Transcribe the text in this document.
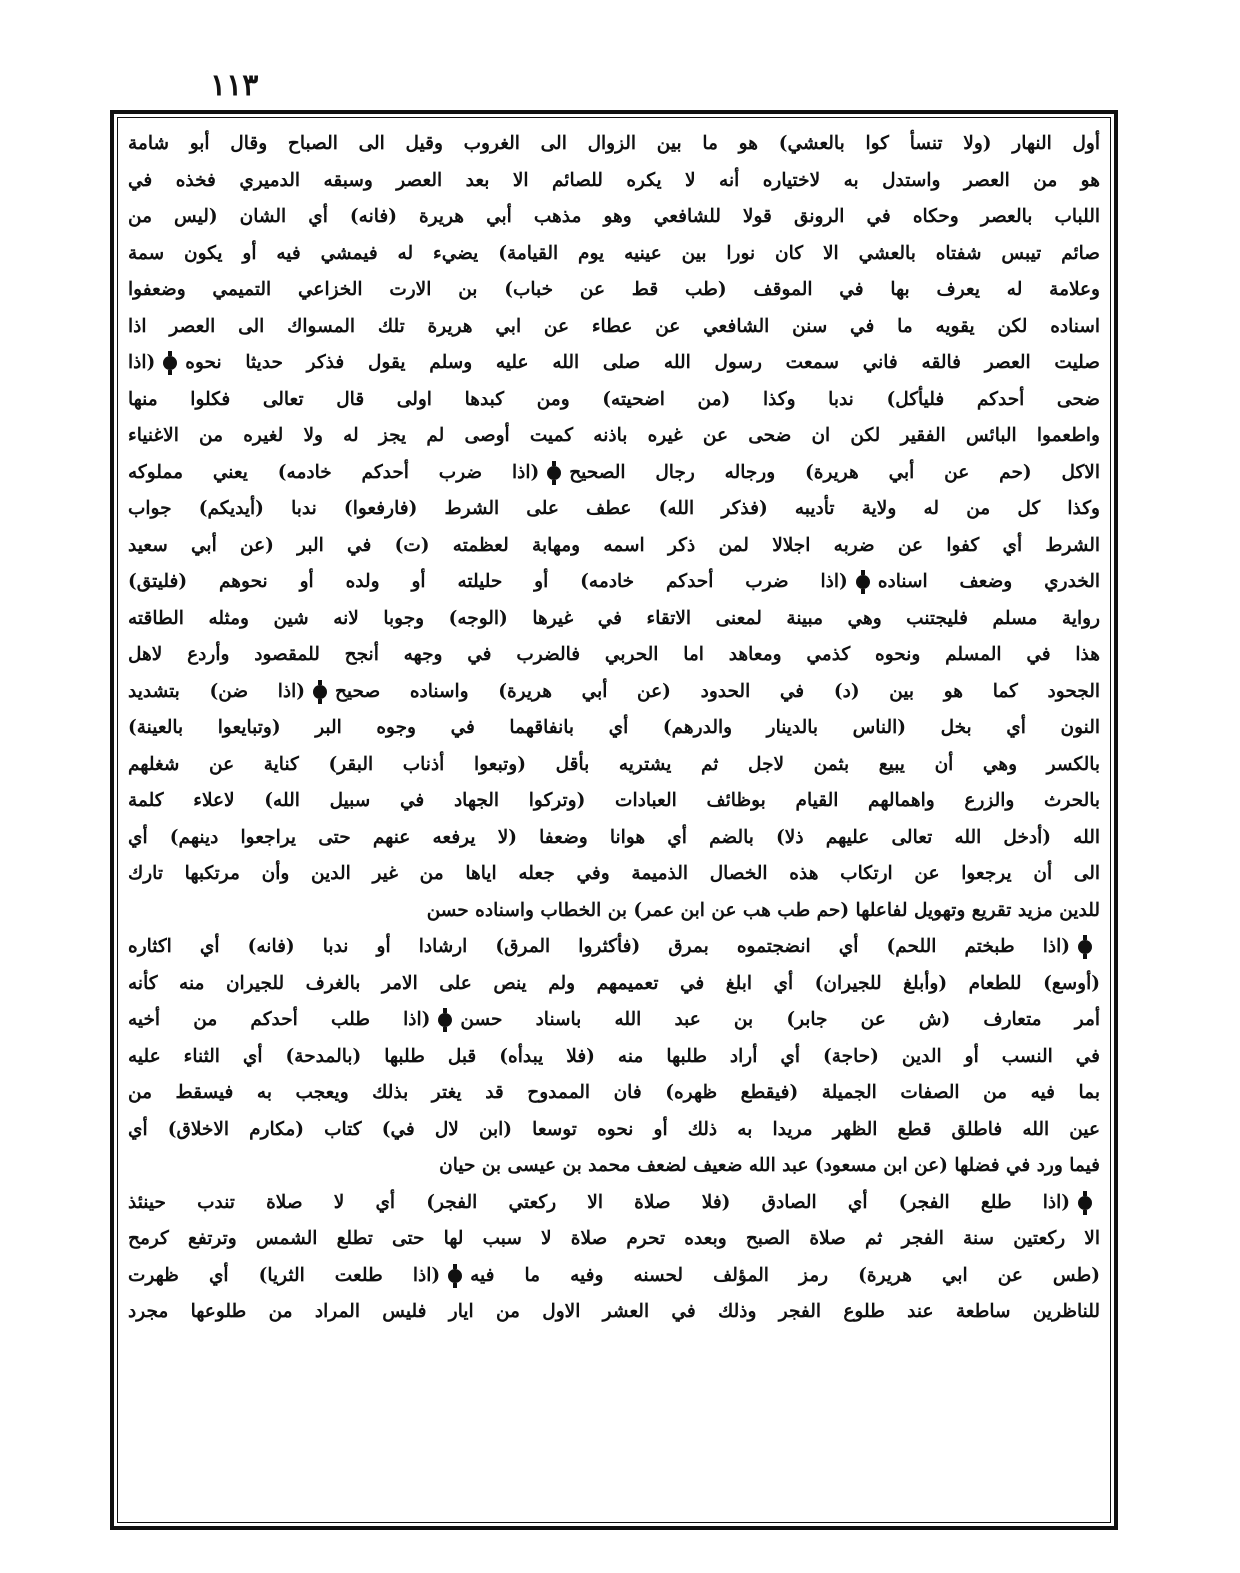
١١٣
أول النهار (ولا تنسأ كوا بالعشي) هو ما بين الزوال الى الغروب وقيل الى الصباح وقال أبو شامة
هو من العصر واستدل به لاختياره أنه لا يكره للصائم الا بعد العصر وسبقه الدميري فخذه في
اللباب بالعصر وحكاه في الرونق قولا للشافعي وهو مذهب أبي هريرة (فانه) أي الشان (ليس من
صائم تيبس شفتاه بالعشي الا كان نورا بين عينيه يوم القيامة) يضيء له فيمشي فيه أو يكون سمة
وعلامة له يعرف بها في الموقف (طب قط عن خباب) بن الارت الخزاعي التميمي وضعفوا
اسناده لكن يقويه ما في سنن الشافعي عن عطاء عن ابي هريرة تلك المسواك الى العصر اذا
صليت العصر فالقه فاني سمعت رسول الله صلى الله عليه وسلم يقول فذكر حديثا نحوه(اذا
ضحى أحدكم فليأكل) ندبا وكذا (من اضحيته) ومن كبدها اولى قال تعالى فكلوا منها
واطعموا البائس الفقير لكن ان ضحى عن غيره باذنه كميت أوصى لم يجز له ولا لغيره من الاغنياء
الاكل (حم عن أبي هريرة) ورجاله رجال الصحيح(اذا ضرب أحدكم خادمه) يعني مملوكه
وكذا كل من له ولاية تأديبه (فذكر الله) عطف على الشرط (فارفعوا) ندبا (أيديكم) جواب
الشرط أي كفوا عن ضربه اجلالا لمن ذكر اسمه ومهابة لعظمته (ت) في البر (عن أبي سعيد
الخدري وضعف اسناده(اذا ضرب أحدكم خادمه) أو حليلته أو ولده أو نحوهم (فليتق)
رواية مسلم فليجتنب وهي مبينة لمعنى الاتقاء في غيرها (الوجه) وجوبا لانه شين ومثله الطاقته
هذا في المسلم ونحوه كذمي ومعاهد اما الحربي فالضرب في وجهه أنجح للمقصود وأردع لاهل
الجحود كما هو بين (د) في الحدود (عن أبي هريرة) واسناده صحيح(اذا ضن) بتشديد
النون أي بخل (الناس بالدينار والدرهم) أي بانفاقهما في وجوه البر (وتبايعوا بالعينة)
بالكسر وهي أن يبيع بثمن لاجل ثم يشتريه بأقل (وتبعوا أذناب البقر) كناية عن شغلهم
بالحرث والزرع واهمالهم القيام بوظائف العبادات (وتركوا الجهاد في سبيل الله) لاعلاء كلمة
الله (أدخل الله تعالى عليهم ذلا) بالضم أي هوانا وضعفا (لا يرفعه عنهم حتى يراجعوا دينهم) أي
الى أن يرجعوا عن ارتكاب هذه الخصال الذميمة وفي جعله اياها من غير الدين وأن مرتكبها تارك
للدين مزيد تقريع وتهويل لفاعلها (حم طب هب عن ابن عمر) بن الخطاب واسناده حسن
(اذا طبختم اللحم) أي انضجتموه بمرق (فأكثروا المرق) ارشادا أو ندبا (فانه) أي اكثاره
(أوسع) للطعام (وأبلغ للجيران) أي ابلغ في تعميمهم ولم ينص على الامر بالغرف للجيران منه كأنه
أمر متعارف (ش عن جابر) بن عبد الله باسناد حسن(اذا طلب أحدكم من أخيه
في النسب أو الدين (حاجة) أي أراد طلبها منه (فلا يبدأه) قبل طلبها (بالمدحة) أي الثناء عليه
بما فيه من الصفات الجميلة (فيقطع ظهره) فان الممدوح قد يغتر بذلك ويعجب به فيسقط من
عين الله فاطلق قطع الظهر مريدا به ذلك أو نحوه توسعا (ابن لال في) كتاب (مكارم الاخلاق) أي
فيما ورد في فضلها (عن ابن مسعود) عبد الله ضعيف لضعف محمد بن عيسى بن حيان
(اذا طلع الفجر) أي الصادق (فلا صلاة الا ركعتي الفجر) أي لا صلاة تندب حينئذ
الا ركعتين سنة الفجر ثم صلاة الصبح وبعده تحرم صلاة لا سبب لها حتى تطلع الشمس وترتفع كرمح
(طس عن ابي هريرة) رمز المؤلف لحسنه وفيه ما فيه(اذا طلعت الثريا) أي ظهرت
للناظرين ساطعة عند طلوع الفجر وذلك في العشر الاول من ايار فليس المراد من طلوعها مجرد
